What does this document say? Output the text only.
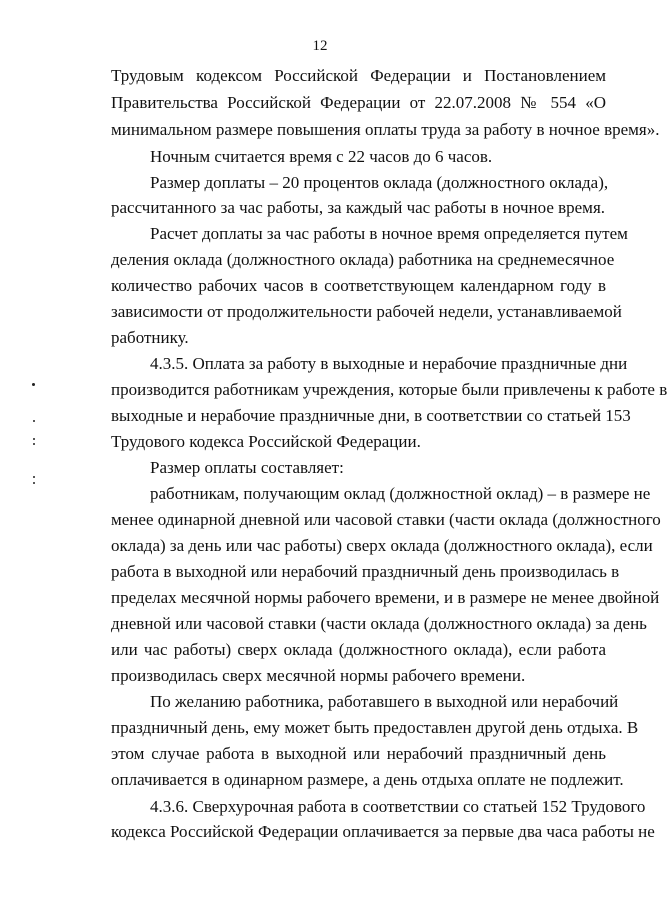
12
Трудовым кодексом Российской Федерации и Постановлением
Правительства Российской Федерации от 22.07.2008 № 554 «О
минимальном размере повышения оплаты труда за работу в ночное время».
Ночным считается время с 22 часов до 6 часов.
Размер доплаты – 20 процентов оклада (должностного оклада),
рассчитанного за час работы, за каждый час работы в ночное время.
Расчет доплаты за час работы в ночное время определяется путем
деления оклада (должностного оклада) работника на среднемесячное
количество рабочих часов в соответствующем календарном году в
зависимости от продолжительности рабочей недели, устанавливаемой
работнику.
4.3.5. Оплата за работу в выходные и нерабочие праздничные дни
производится работникам учреждения, которые были привлечены к работе в
выходные и нерабочие праздничные дни, в соответствии со статьей 153
Трудового кодекса Российской Федерации.
Размер оплаты составляет:
работникам, получающим оклад (должностной оклад) – в размере не
менее одинарной дневной или часовой ставки (части оклада (должностного
оклада) за день или час работы) сверх оклада (должностного оклада), если
работа в выходной или нерабочий праздничный день производилась в
пределах месячной нормы рабочего времени, и в размере не менее двойной
дневной или часовой ставки (части оклада (должностного оклада) за день
или час работы) сверх оклада (должностного оклада), если работа
производилась сверх месячной нормы рабочего времени.
По желанию работника, работавшего в выходной или нерабочий
праздничный день, ему может быть предоставлен другой день отдыха. В
этом случае работа в выходной или нерабочий праздничный день
оплачивается в одинарном размере, а день отдыха оплате не подлежит.
4.3.6. Сверхурочная работа в соответствии со статьей 152 Трудового
кодекса Российской Федерации оплачивается за первые два часа работы не
